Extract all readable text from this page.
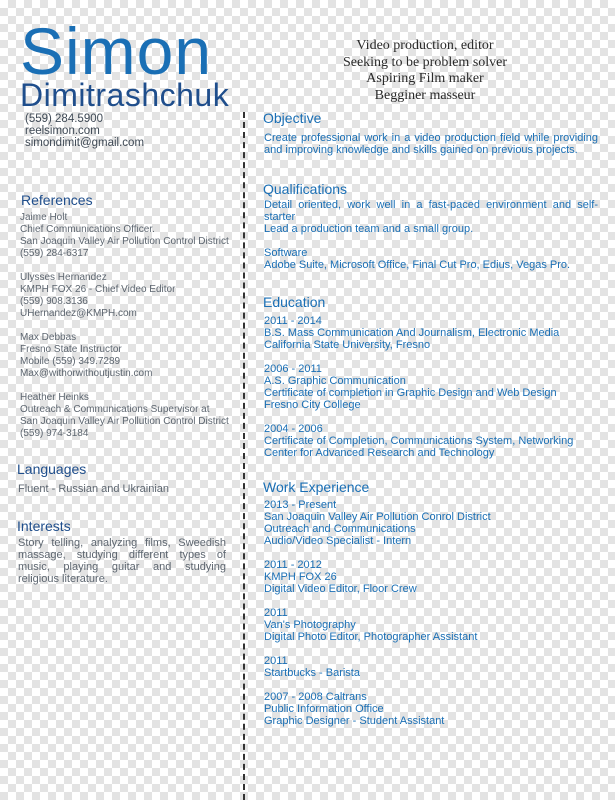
Simon
Dimitrashchuk
(559) 284.5900
reelsimon.com
simondimit@gmail.com
Video production, editor
Seeking to be problem solver
Aspiring Film maker
Begginer masseur
References
Jaime Holt
Chief Communications Officer.
San Joaquin Valley Air Pollution Control District
(559) 284-6317
Ulysses Hernandez
KMPH FOX 26 - Chief Video Editor
(559) 908.3136
UHernandez@KMPH.com
Max Debbas
Fresno State Instructor
Mobile (559) 349.7289
Max@withorwithoutjustin.com
Heather Heinks
Outreach & Communications Supervisor at
San Joaquin Valley Air Pollution Control District
(559) 974-3184
Languages
Fluent - Russian and Ukrainian
Interests
Story telling, analyzing films, Sweedish massage, studying different types of music, playing guitar and studying religious literature.
Objective
Create professional work in a video production field while providing and improving knowledge and skills gained on previous projects.
Qualifications
Detail oriented, work well in a fast-paced environment and self-starter
Lead a production team and a small group.
Software
Adobe Suite, Microsoft Office, Final Cut Pro, Edius, Vegas Pro.
Education
2011 - 2014
B.S. Mass Communication And Journalism, Electronic Media
California State University, Fresno
2006 - 2011
A.S. Graphic Communication
Certificate of completion in Graphic Design and Web Design
Fresno City College
2004 - 2006
Certificate of Completion, Communications System, Networking
Center for Advanced Research and Technology
Work Experience
2013 - Present
San Joaquin Valley Air Pollution Conrol District
Outreach and Communications
Audio/Video Specialist - Intern
2011 - 2012
KMPH FOX 26
Digital Video Editor, Floor Crew
2011
Van's Photography
Digital Photo Editor, Photographer Assistant
2011
Startbucks - Barista
2007 - 2008 Caltrans
Public Information Office
Graphic Designer - Student Assistant
